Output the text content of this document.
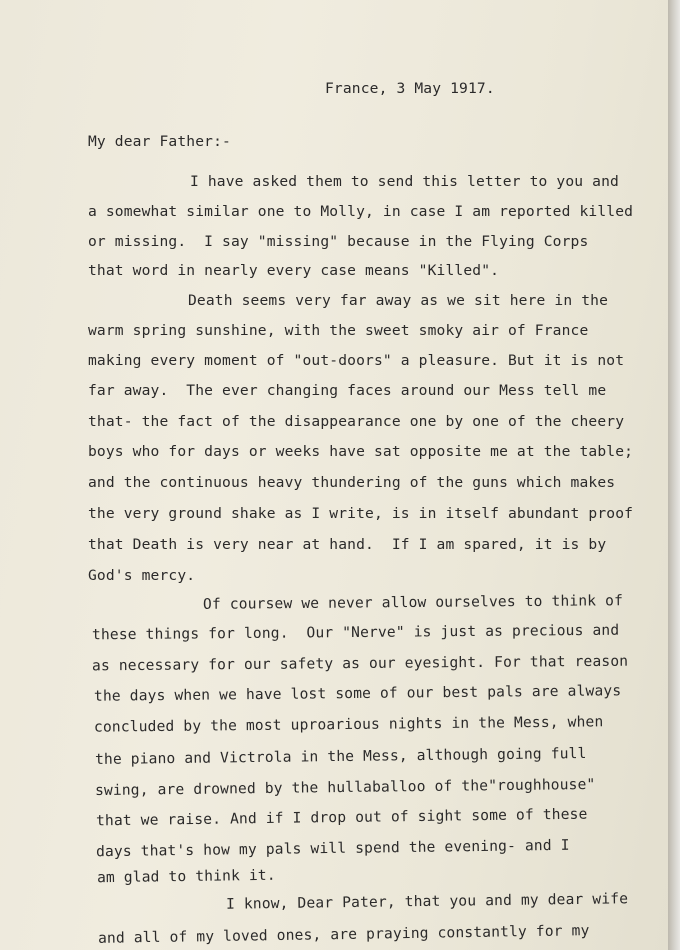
France, 3 May 1917.
My dear Father:-
I have asked them to send this letter to you and
a somewhat similar one to Molly, in case I am reported killed
or missing.  I say "missing" because in the Flying Corps
that word in nearly every case means "Killed".
Death seems very far away as we sit here in the
warm spring sunshine, with the sweet smoky air of France
making every moment of "out-doors" a pleasure. But it is not
far away.  The ever changing faces around our Mess tell me
that- the fact of the disappearance one by one of the cheery
boys who for days or weeks have sat opposite me at the table;
and the continuous heavy thundering of the guns which makes
the very ground shake as I write, is in itself abundant proof
that Death is very near at hand.  If I am spared, it is by
God's mercy.
Of coursew we never allow ourselves to think of
these things for long.  Our "Nerve" is just as precious and
as necessary for our safety as our eyesight. For that reason
the days when we have lost some of our best pals are always
concluded by the most uproarious nights in the Mess, when
the piano and Victrola in the Mess, although going full
swing, are drowned by the hullaballoo of the"roughhouse"
that we raise. And if I drop out of sight some of these
days that's how my pals will spend the evening- and I
am glad to think it.
I know, Dear Pater, that you and my dear wife
and all of my loved ones, are praying constantly for my
